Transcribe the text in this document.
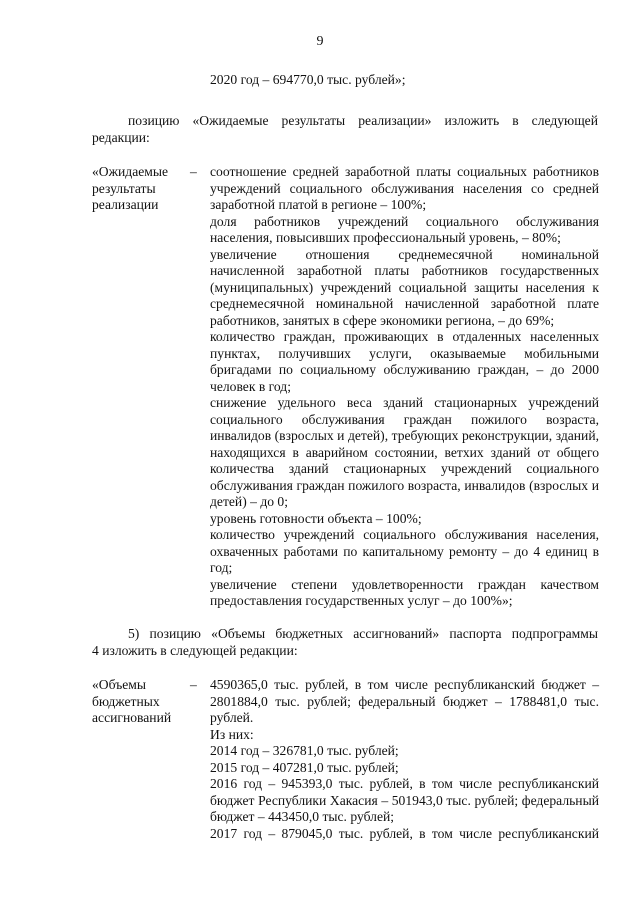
9
2020 год – 694770,0 тыс. рублей»;
позицию «Ожидаемые результаты реализации» изложить в следующей
редакции:
«Ожидаемые
результаты
реализации
– соотношение средней заработной платы социальных работников учреждений социального обслуживания населения со средней заработной платой в регионе – 100%;

доля работников учреждений социального обслуживания населения, повысивших профессиональный уровень, – 80%;

увеличение отношения среднемесячной номинальной начисленной заработной платы работников государственных (муниципальных) учреждений социальной защиты населения к среднемесячной номинальной начисленной заработной плате работников, занятых в сфере экономики региона, – до 69%;

количество граждан, проживающих в отдаленных населенных пунктах, получивших услуги, оказываемые мобильными бригадами по социальному обслуживанию граждан, – до 2000 человек в год;

снижение удельного веса зданий стационарных учреждений социального обслуживания граждан пожилого возраста, инвалидов (взрослых и детей), требующих реконструкции, зданий, находящихся в аварийном состоянии, ветхих зданий от общего количества зданий стационарных учреждений социального обслуживания граждан пожилого возраста, инвалидов (взрослых и детей) – до 0;

уровень готовности объекта – 100%;

количество учреждений социального обслуживания населения, охваченных работами по капитальному ремонту – до 4 единиц в год;

увеличение степени удовлетворенности граждан качеством предоставления государственных услуг – до 100%»;

5) позицию «Объемы бюджетных ассигнований» паспорта подпрограммы
4 изложить в следующей редакции:
«Объемы
бюджетных
ассигнований
– 4590365,0 тыс. рублей, в том числе республиканский бюджет – 2801884,0 тыс. рублей; федеральный бюджет – 1788481,0 тыс. рублей.

Из них:

2014 год – 326781,0 тыс. рублей;

2015 год – 407281,0 тыс. рублей;

2016 год – 945393,0 тыс. рублей, в том числе республиканский бюджет Республики Хакасия – 501943,0 тыс. рублей; федеральный бюджет – 443450,0 тыс. рублей;

2017 год – 879045,0 тыс. рублей, в том числе республиканский
